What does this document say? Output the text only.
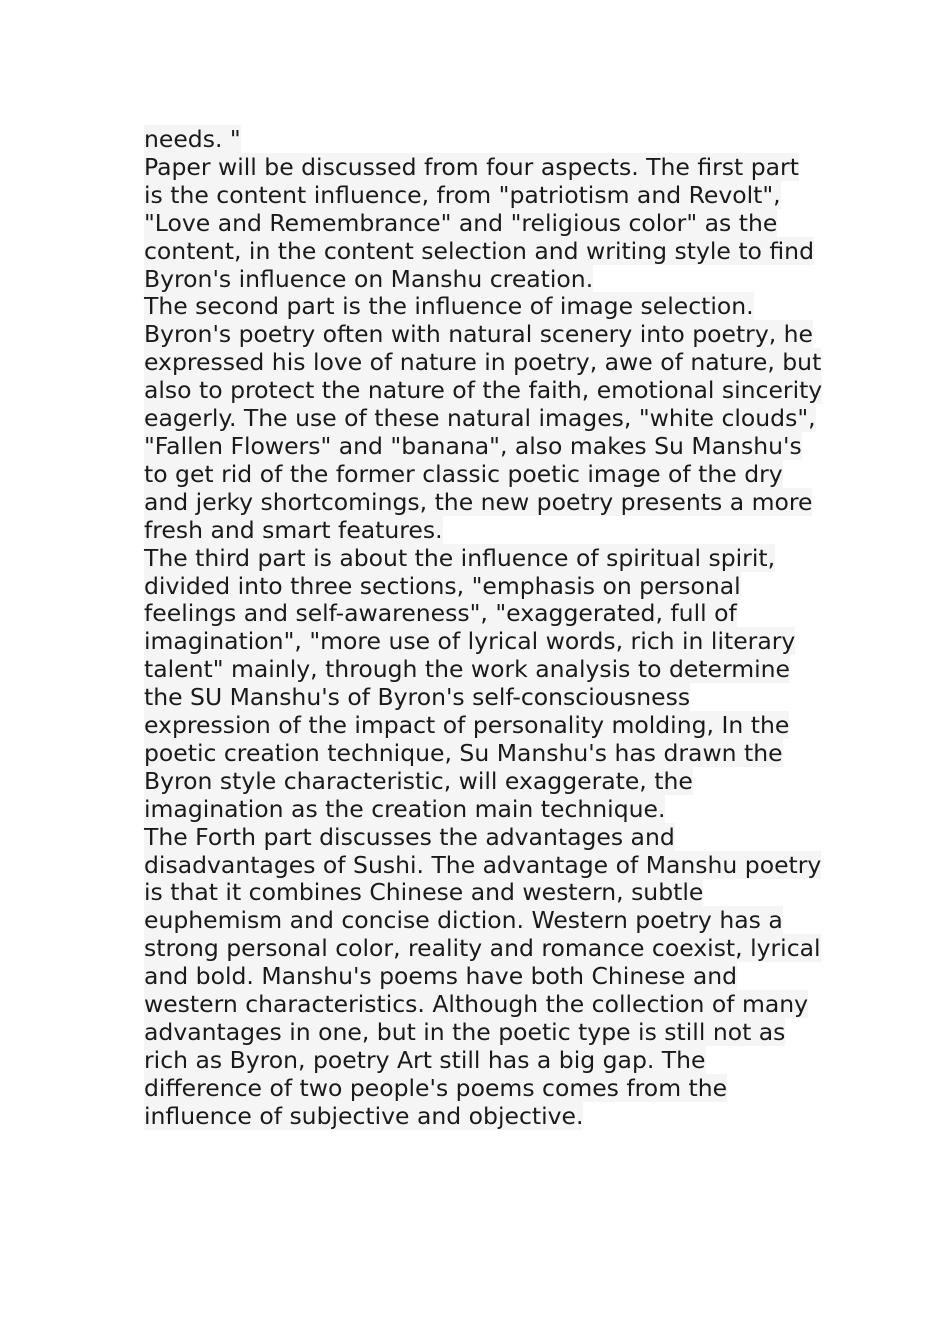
needs. "

Paper will be discussed from four aspects. The first part is the content influence, from "patriotism and Revolt", "Love and Remembrance" and "religious color" as the content, in the content selection and writing style to find Byron's influence on Manshu creation.

The second part is the influence of image selection. Byron's poetry often with natural scenery into poetry, he expressed his love of nature in poetry, awe of nature, but also to protect the nature of the faith, emotional sincerity eagerly. The use of these natural images, "white clouds", "Fallen Flowers" and "banana", also makes Su Manshu's to get rid of the former classic poetic image of the dry and jerky shortcomings, the new poetry presents a more fresh and smart features.

The third part is about the influence of spiritual spirit, divided into three sections, "emphasis on personal feelings and self-awareness", "exaggerated, full of imagination", "more use of lyrical words, rich in literary talent" mainly, through the work analysis to determine the SU Manshu's of Byron's self-consciousness expression of the impact of personality molding, In the poetic creation technique, Su Manshu's has drawn the Byron style characteristic, will exaggerate, the imagination as the creation main technique.

The Forth part discusses the advantages and disadvantages of Sushi. The advantage of Manshu poetry is that it combines Chinese and western, subtle euphemism and concise diction. Western poetry has a strong personal color, reality and romance coexist, lyrical and bold. Manshu's poems have both Chinese and western characteristics. Although the collection of many advantages in one, but in the poetic type is still not as rich as Byron, poetry Art still has a big gap. The difference of two people's poems comes from the influence of subjective and objective.
